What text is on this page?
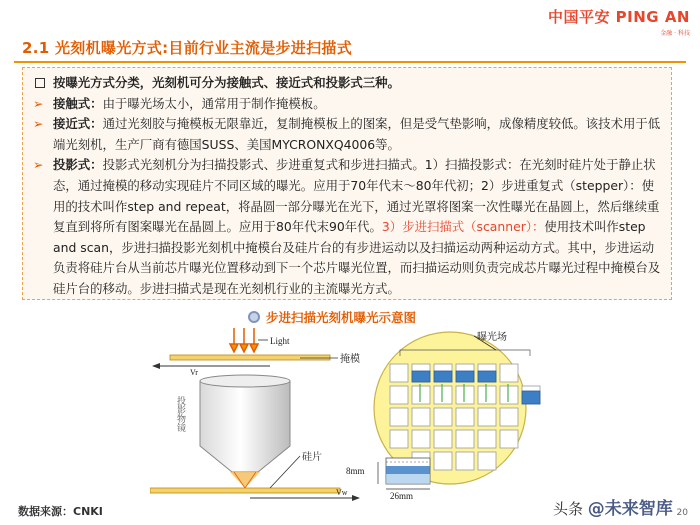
中国平安 PING AN
金融 · 科技
2.1 光刻机曝光方式:目前行业主流是步进扫描式
按曝光方式分类，光刻机可分为接触式、接近式和投影式三种。
➢ 接触式：由于曝光场太小，通常用于制作掩模板。
➢ 接近式：通过光刻胶与掩模板无限靠近，复制掩模板上的图案，但是受气垫影响，成像精度较低。该技术用于低端光刻机，生产厂商有德国SUSS、美国MYCRONXQ4006等。
➢ 投影式：投影式光刻机分为扫描投影式、步进重复式和步进扫描式。1）扫描投影式：在光刻时硅片处于静止状态，通过掩模的移动实现硅片不同区域的曝光。应用于70年代末～80年代初；2）步进重复式（stepper）：使用的技术叫作step and repeat，将晶圆一部分曝光在光下，通过光罩将图案一次性曝光在晶圆上，然后继续重复直到将所有图案曝光在晶圆上。应用于80年代末90年代。3）步进扫描式（scanner）：使用技术叫作step and scan，步进扫描投影光刻机中掩模台及硅片台的有步进运动以及扫描运动两种运动方式。其中，步进运动负责将硅片台从当前芯片曝光位置移动到下一个芯片曝光位置，而扫描运动则负责完成芯片曝光过程中掩模台及硅片台的移动。步进扫描式是现在光刻机行业的主流曝光方式。
步进扫描光刻机曝光示意图
Light
掩模
Vr
投影物镜
硅片
Vw
曝光场
8mm
26mm
数据来源：CNKI	头条 @未来智库 20
